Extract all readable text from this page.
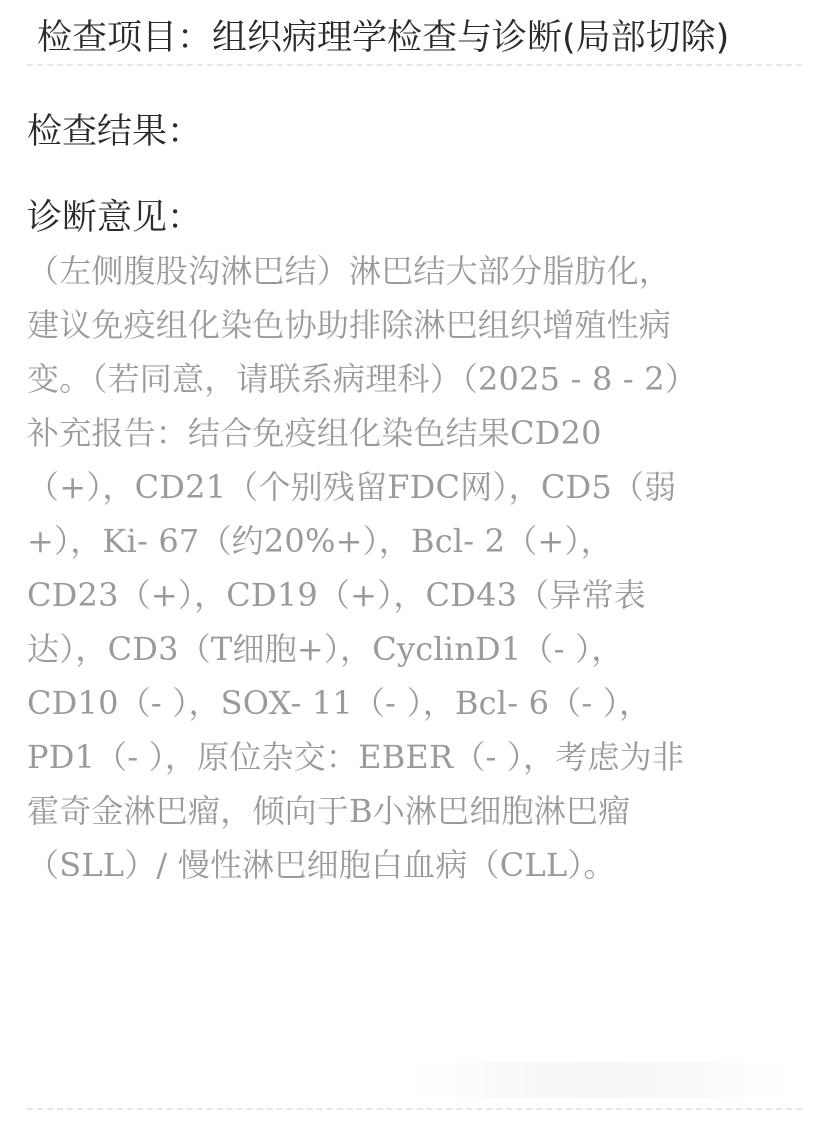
检查项目：组织病理学检查与诊断(局部切除)
检查结果：
诊断意见：
（左侧腹股沟淋巴结）淋巴结大部分脂肪化，
建议免疫组化染色协助排除淋巴组织增殖性病
变。（若同意，请联系病理科）（2025 - 8 - 2）
补充报告：结合免疫组化染色结果CD20
（+），CD21（个别残留FDC网），CD5（弱
+），Ki- 67（约20%+），Bcl- 2（+），
CD23（+），CD19（+），CD43（异常表
达），CD3（T细胞+），CyclinD1（- ），
CD10（- ），SOX- 11（- ），Bcl- 6（- ），
PD1（- ），原位杂交：EBER（- ），考虑为非
霍奇金淋巴瘤，倾向于B小淋巴细胞淋巴瘤
（SLL）/ 慢性淋巴细胞白血病（CLL）。
